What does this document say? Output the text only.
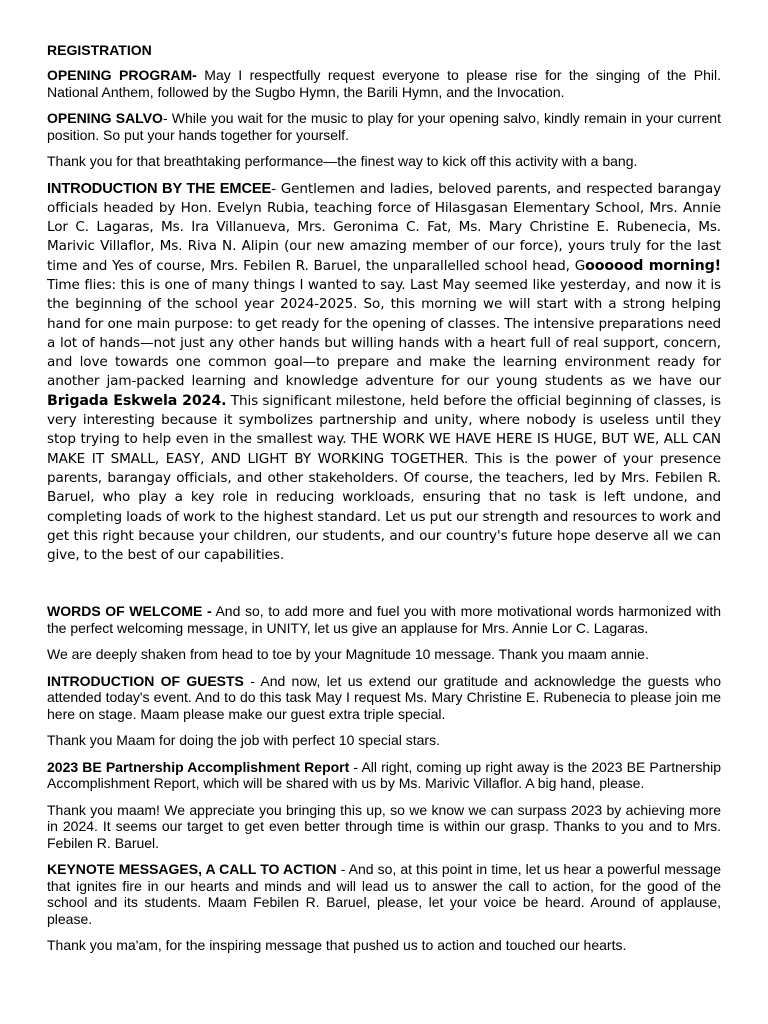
REGISTRATION

OPENING PROGRAM- May I respectfully request everyone to please rise for the singing of the Phil. National Anthem, followed by the Sugbo Hymn, the Barili Hymn, and the Invocation.

OPENING SALVO- While you wait for the music to play for your opening salvo, kindly remain in your current position. So put your hands together for yourself.

Thank you for that breathtaking performance—the finest way to kick off this activity with a bang.

INTRODUCTION BY THE EMCEE- Gentlemen and ladies, beloved parents, and respected barangay officials headed by Hon. Evelyn Rubia, teaching force of Hilasgasan Elementary School, Mrs. Annie Lor C. Lagaras, Ms. Ira Villanueva, Mrs. Geronima C. Fat, Ms. Mary Christine E. Rubenecia, Ms. Marivic Villaflor, Ms. Riva N. Alipin (our new amazing member of our force), yours truly for the last time and Yes of course, Mrs. Febilen R. Baruel, the unparallelled school head, Goooood morning! Time flies: this is one of many things I wanted to say. Last May seemed like yesterday, and now it is the beginning of the school year 2024-2025. So, this morning we will start with a strong helping hand for one main purpose: to get ready for the opening of classes. The intensive preparations need a lot of hands—not just any other hands but willing hands with a heart full of real support, concern, and love towards one common goal—to prepare and make the learning environment ready for another jam-packed learning and knowledge adventure for our young students as we have our Brigada Eskwela 2024. This significant milestone, held before the official beginning of classes, is very interesting because it symbolizes partnership and unity, where nobody is useless until they stop trying to help even in the smallest way. THE WORK WE HAVE HERE IS HUGE, BUT WE, ALL CAN MAKE IT SMALL, EASY, AND LIGHT BY WORKING TOGETHER. This is the power of your presence parents, barangay officials, and other stakeholders. Of course, the teachers, led by Mrs. Febilen R. Baruel, who play a key role in reducing workloads, ensuring that no task is left undone, and completing loads of work to the highest standard. Let us put our strength and resources to work and get this right because your children, our students, and our country's future hope deserve all we can give, to the best of our capabilities.

WORDS OF WELCOME - And so, to add more and fuel you with more motivational words harmonized with the perfect welcoming message, in UNITY, let us give an applause for Mrs. Annie Lor C. Lagaras.

We are deeply shaken from head to toe by your Magnitude 10 message. Thank you maam annie.

INTRODUCTION OF GUESTS - And now, let us extend our gratitude and acknowledge the guests who attended today's event. And to do this task May I request Ms. Mary Christine E. Rubenecia to please join me here on stage. Maam please make our guest extra triple special.

Thank you Maam for doing the job with perfect 10 special stars.

2023 BE Partnership Accomplishment Report - All right, coming up right away is the 2023 BE Partnership Accomplishment Report, which will be shared with us by Ms. Marivic Villaflor. A big hand, please.

Thank you maam! We appreciate you bringing this up, so we know we can surpass 2023 by achieving more in 2024. It seems our target to get even better through time is within our grasp. Thanks to you and to Mrs. Febilen R. Baruel.

KEYNOTE MESSAGES, A CALL TO ACTION - And so, at this point in time, let us hear a powerful message that ignites fire in our hearts and minds and will lead us to answer the call to action, for the good of the school and its students. Maam Febilen R. Baruel, please, let your voice be heard. Around of applause, please.

Thank you ma'am, for the inspiring message that pushed us to action and touched our hearts.
